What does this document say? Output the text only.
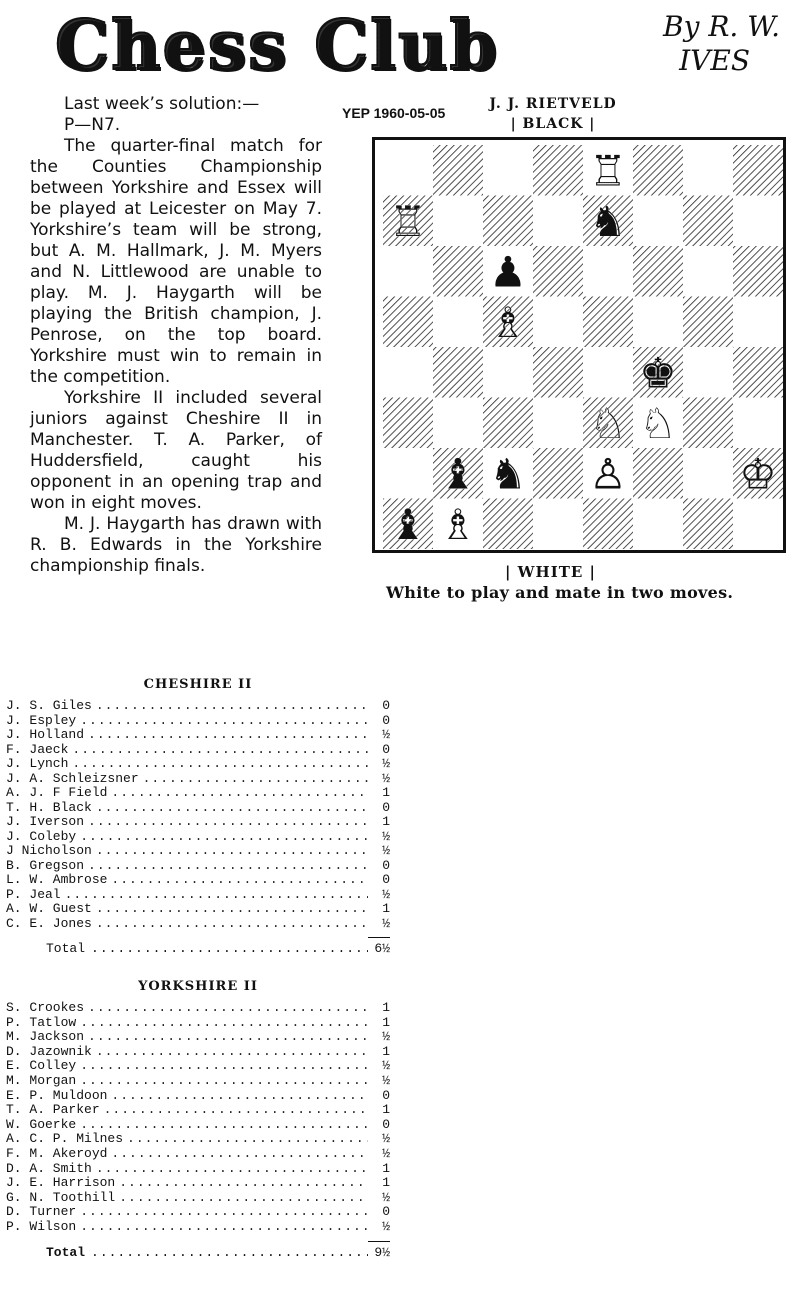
Chess Club	By R. W.
IVES

Last week’s solution:—

P—N7.

The quarter-final match for the Counties Championship between Yorkshire and Essex will be played at Leicester on May 7. Yorkshire’s team will be strong, but A. M. Hallmark, J. M. Myers and N. Littlewood are unable to play. M. J. Haygarth will be playing the British champion, J. Penrose, on the top board. Yorkshire must win to remain in the competition.

Yorkshire II included several juniors against Cheshire II in Manchester. T. A. Parker, of Huddersfield, caught his opponent in an opening trap and won in eight moves.

M. J. Haygarth has drawn with R. B. Edwards in the Yorkshire championship finals.

YEP 1960-05-05
J. J. RIETVELD
| BLACK |
♖
♖	♞
♟
♗
♚
♘ ♘
♝ ♞ ♙	♔
♝ ♗
| WHITE |
White to play and mate in two moves.
CHESHIRE II
J. S. Giles .....	0
J. Espley .....	0
J. Holland .....	½
F. Jaeck .....	0
J. Lynch .....	½
J. A. Schleizsner .....	½
A. J. F Field .....	1
T. H. Black .....	0
J. Iverson .....	1
J. Coleby .....	½
J Nicholson .....	½
B. Gregson .....	0
L. W. Ambrose .....	0
P. Jeal .....	½
A. W. Guest .....	1
C. E. Jones .....	½
Total .....	6½
YORKSHIRE II
S. Crookes .....	1
P. Tatlow .....	1
M. Jackson .....	½
D. Jazownik .....	1
E. Colley .....	½
M. Morgan .....	½
E. P. Muldoon .....	0
T. A. Parker .....	1
W. Goerke .....	0
A. C. P. Milnes .....	½
F. M. Akeroyd .....	½
D. A. Smith .....	1
J. E. Harrison .....	1
G. N. Toothill .....	½
D. Turner .....	0
P. Wilson .....	½
Total .....	9½
